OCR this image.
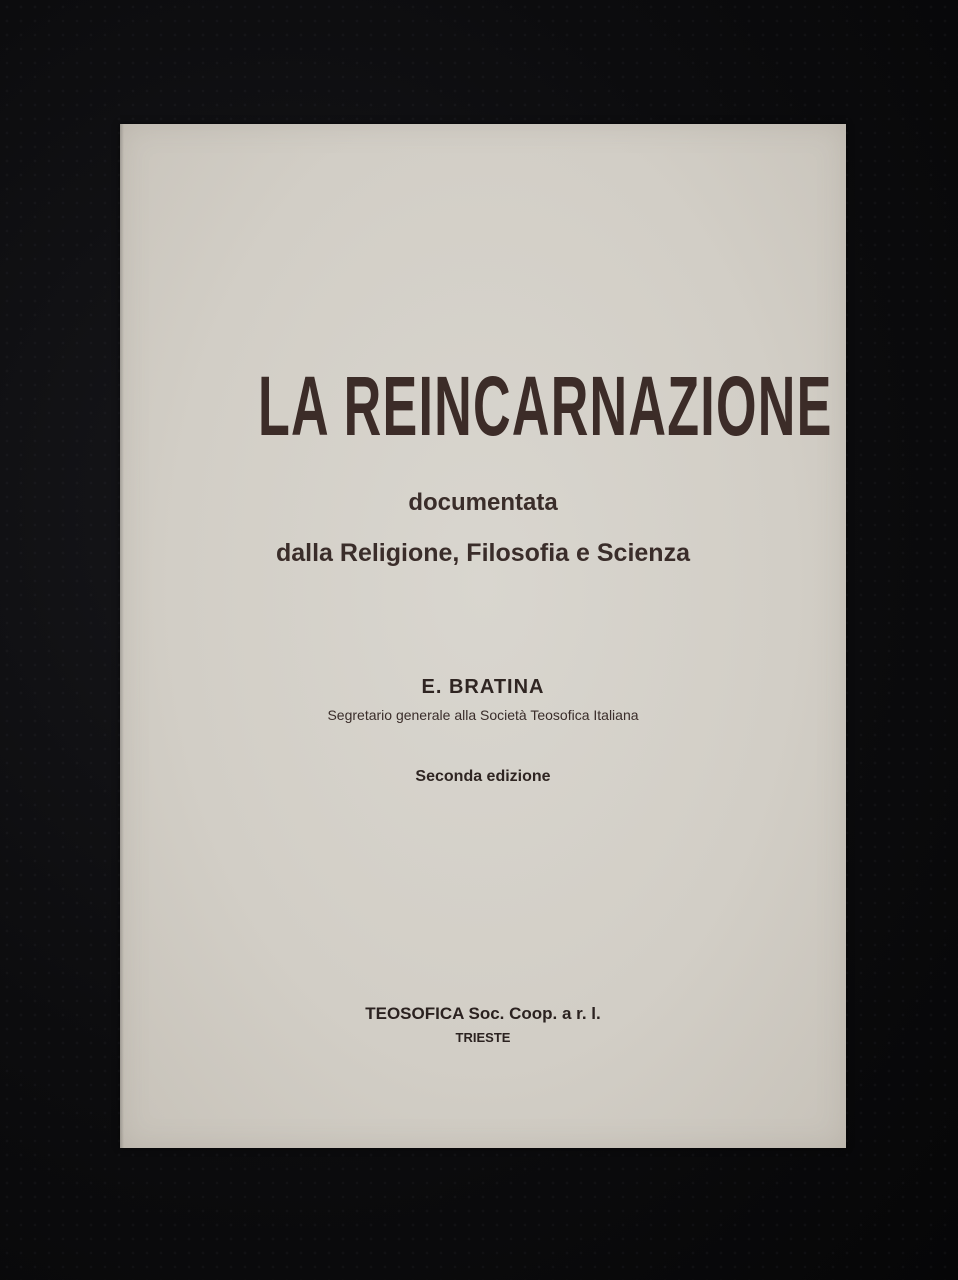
LA REINCARNAZIONE
documentata
dalla Religione, Filosofia e Scienza
E. BRATINA
Segretario generale alla Società Teosofica Italiana
Seconda edizione
TEOSOFICA Soc. Coop. a r. l.
TRIESTE
